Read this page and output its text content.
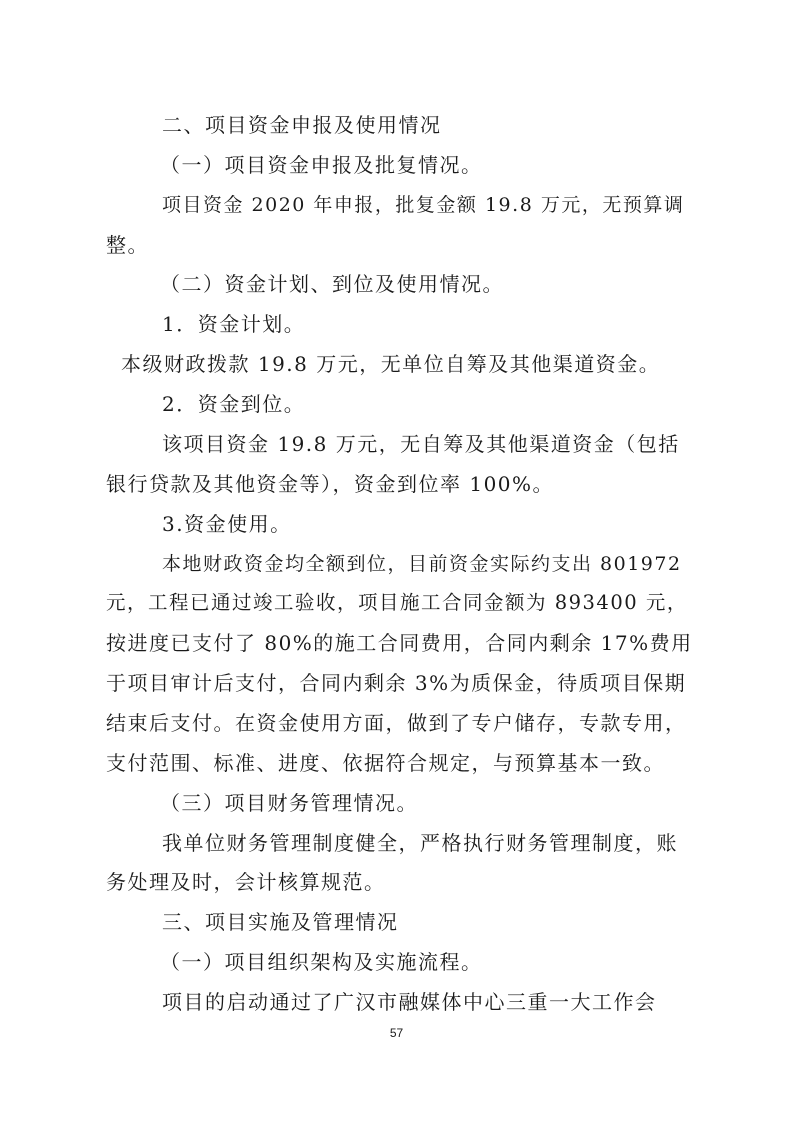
二、项目资金申报及使用情况
（一）项目资金申报及批复情况。
项目资金 2020 年申报，批复金额 19.8 万元，无预算调
整。
（二）资金计划、到位及使用情况。
1．资金计划。
本级财政拨款 19.8 万元，无单位自筹及其他渠道资金。
2．资金到位。
该项目资金 19.8 万元，无自筹及其他渠道资金（包括
银行贷款及其他资金等），资金到位率 100%。
3.资金使用。
本地财政资金均全额到位，目前资金实际约支出 801972
元，工程已通过竣工验收，项目施工合同金额为 893400 元，
按进度已支付了 80%的施工合同费用，合同内剩余 17%费用
于项目审计后支付，合同内剩余 3%为质保金，待质项目保期
结束后支付。在资金使用方面，做到了专户储存，专款专用，
支付范围、标准、进度、依据符合规定，与预算基本一致。
（三）项目财务管理情况。
我单位财务管理制度健全，严格执行财务管理制度，账
务处理及时，会计核算规范。
57
三、项目实施及管理情况
（一）项目组织架构及实施流程。
项目的启动通过了广汉市融媒体中心三重一大工作会
